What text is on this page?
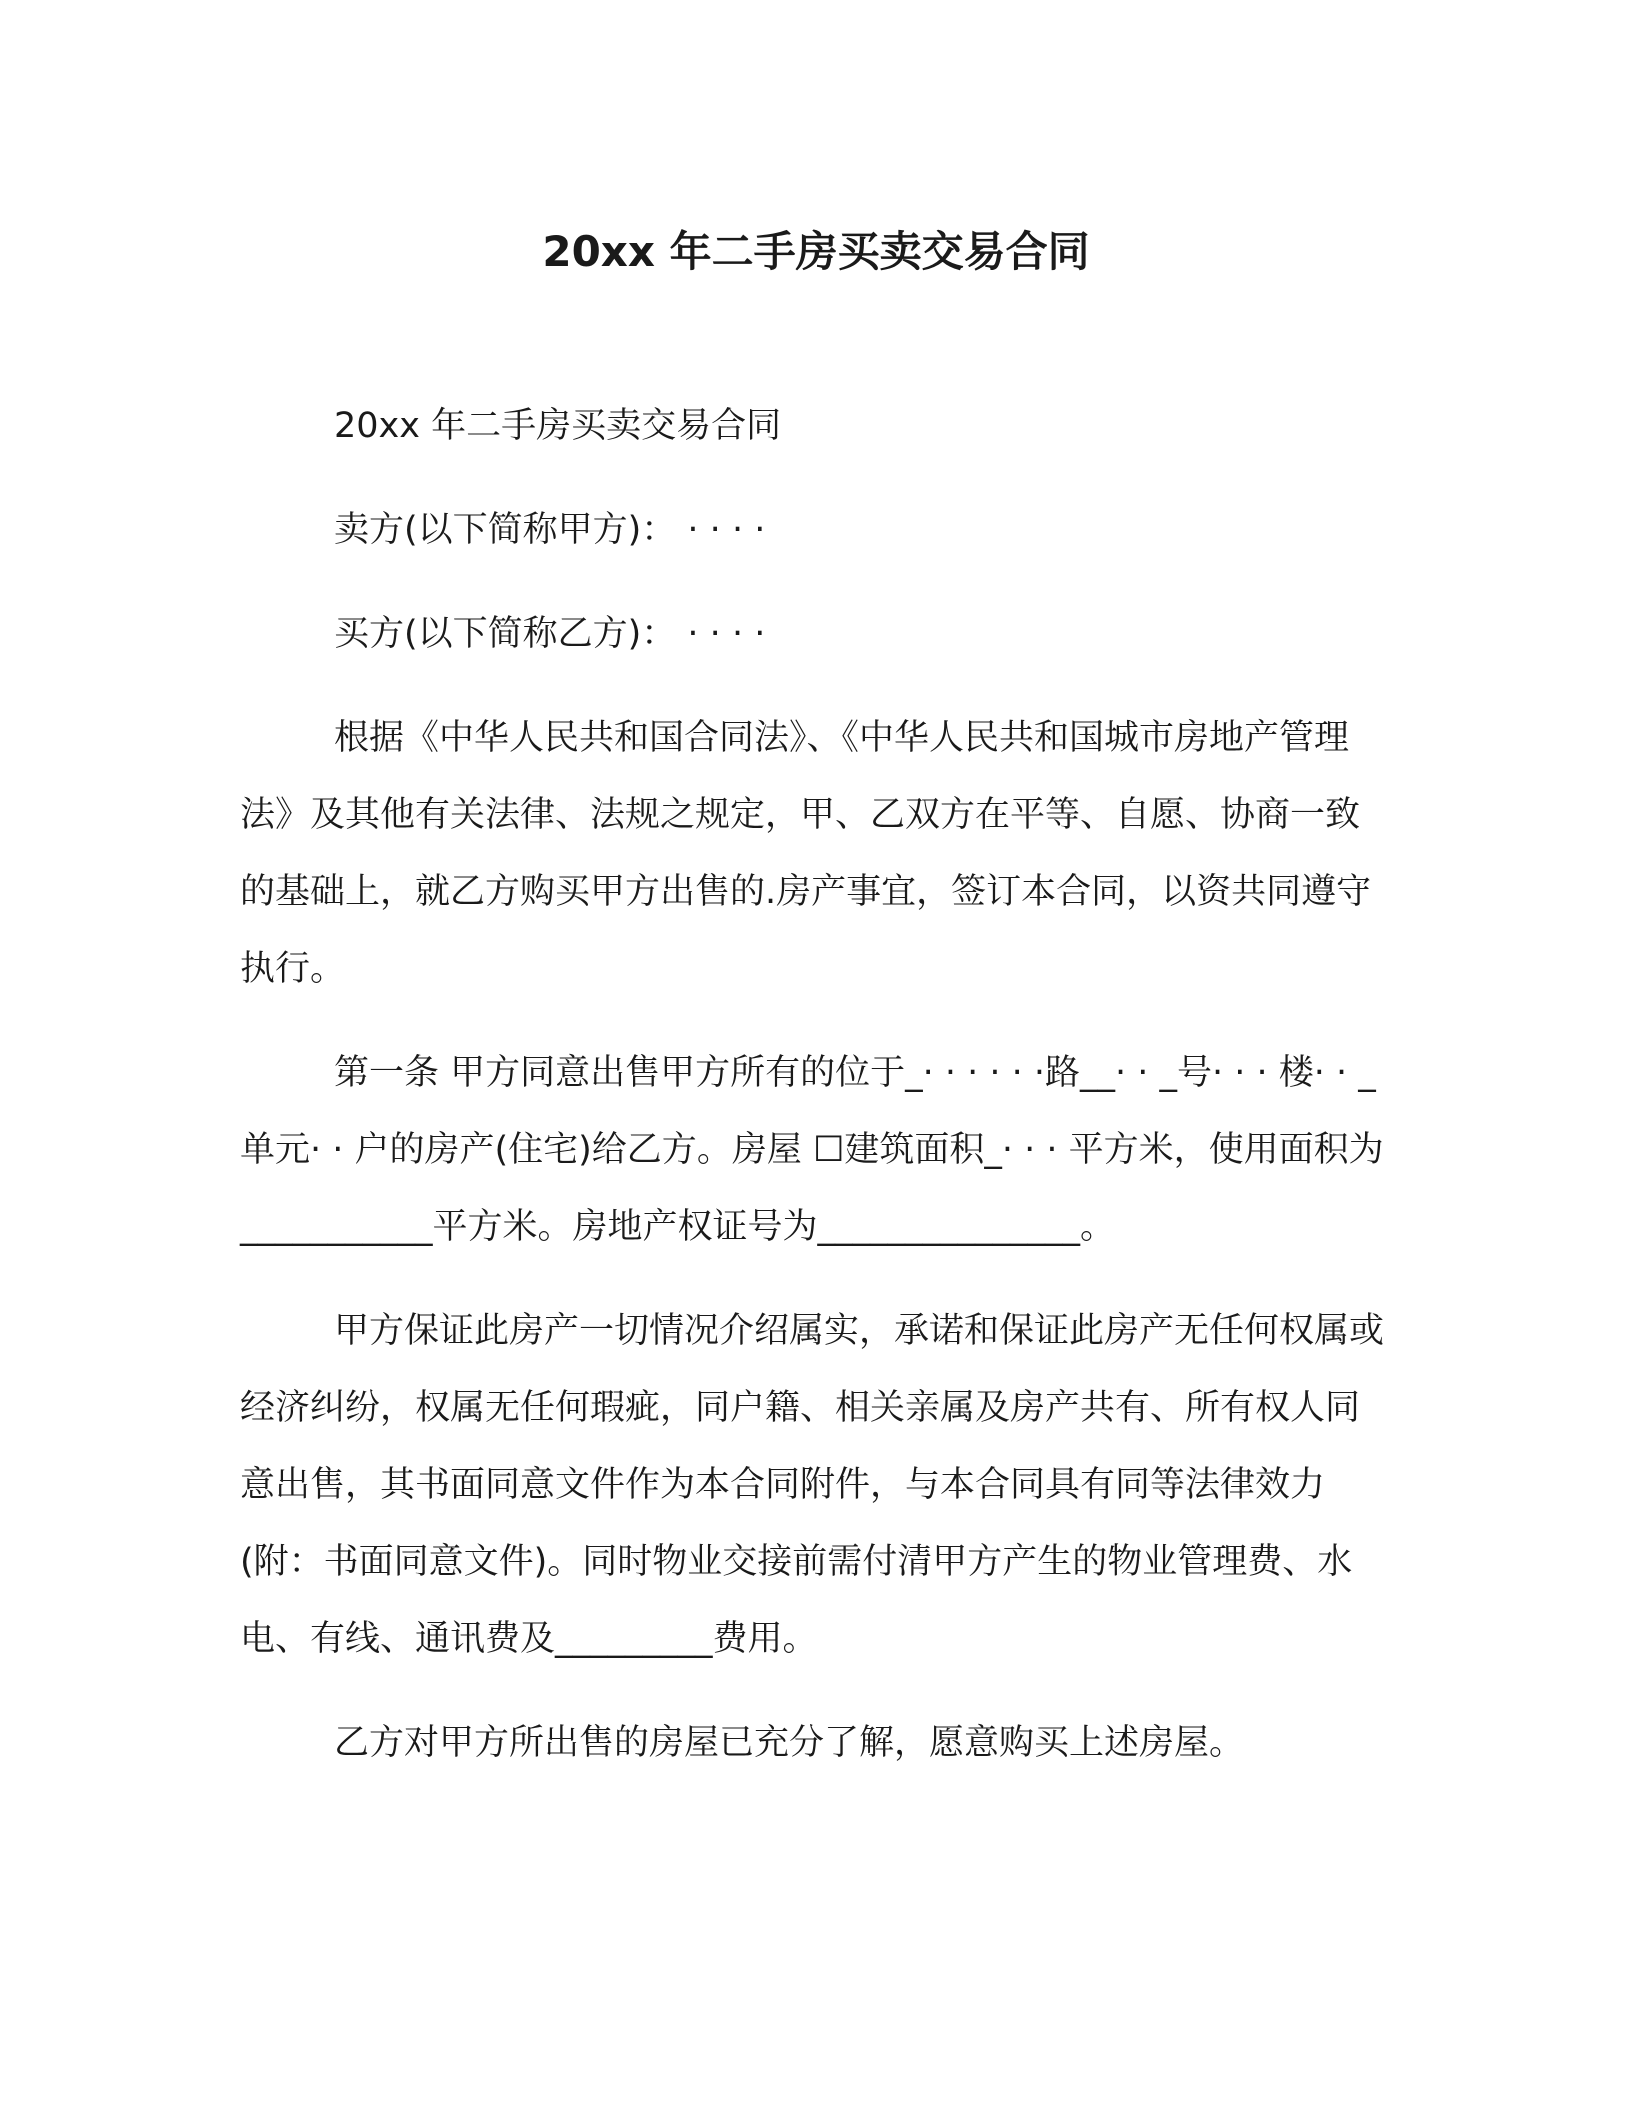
20xx 年二手房买卖交易合同

20xx 年二手房买卖交易合同

卖方(以下简称甲方)： · · · ·

买方(以下简称乙方)： · · · ·

根据《中华人民共和国合同法》、《中华人民共和国城市房地产管理法》及其他有关法律、法规之规定，甲、乙双方在平等、自愿、协商一致的基础上，就乙方购买甲方出售的.房产事宜，签订本合同，以资共同遵守执行。

第一条 甲方同意出售甲方所有的位于_· · · · · ·路__· · _号· · · 楼· · _单元· · 户的房产(住宅)给乙方。房屋 ☐建筑面积_· · · 平方米，使用面积为___________平方米。房地产权证号为_______________。

甲方保证此房产一切情况介绍属实，承诺和保证此房产无任何权属或经济纠纷，权属无任何瑕疵，同户籍、相关亲属及房产共有、所有权人同意出售，其书面同意文件作为本合同附件，与本合同具有同等法律效力(附：书面同意文件)。同时物业交接前需付清甲方产生的物业管理费、水电、有线、通讯费及_________费用。

乙方对甲方所出售的房屋已充分了解，愿意购买上述房屋。
